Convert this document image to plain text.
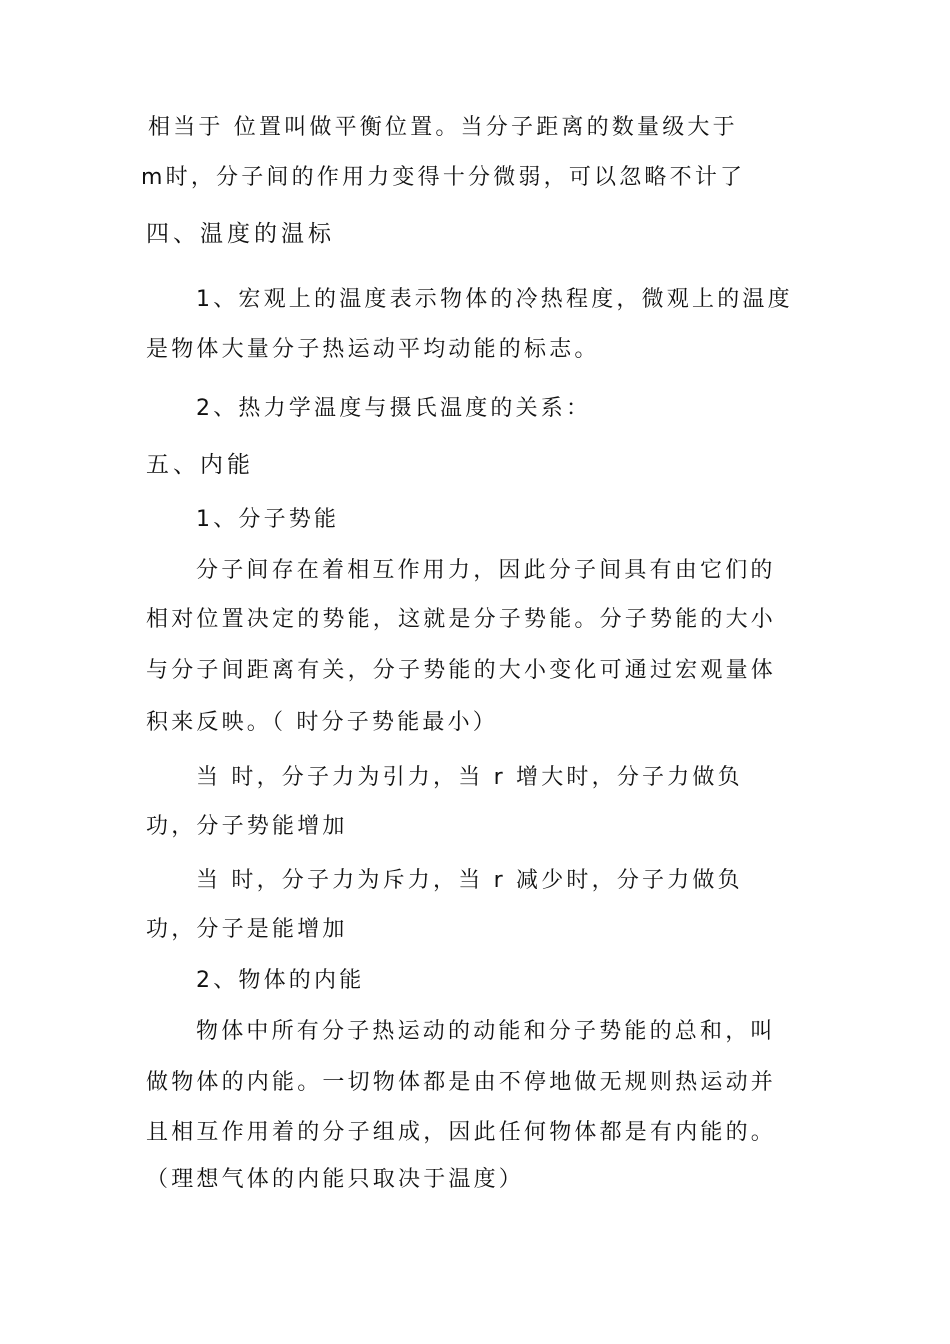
相当于 位置叫做平衡位置。当分子距离的数量级大于
m时，分子间的作用力变得十分微弱，可以忽略不计了
四、温度的温标
1、宏观上的温度表示物体的冷热程度，微观上的温度
是物体大量分子热运动平均动能的标志。
2、热力学温度与摄氏温度的关系：
五、内能
1、分子势能
分子间存在着相互作用力，因此分子间具有由它们的
相对位置决定的势能，这就是分子势能。分子势能的大小
与分子间距离有关，分子势能的大小变化可通过宏观量体
积来反映。（ 时分子势能最小）
当 时，分子力为引力，当 r 增大时，分子力做负
功，分子势能增加
当 时，分子力为斥力，当 r 减少时，分子力做负
功，分子是能增加
2、物体的内能
物体中所有分子热运动的动能和分子势能的总和，叫
做物体的内能。一切物体都是由不停地做无规则热运动并
且相互作用着的分子组成，因此任何物体都是有内能的。
（理想气体的内能只取决于温度）
